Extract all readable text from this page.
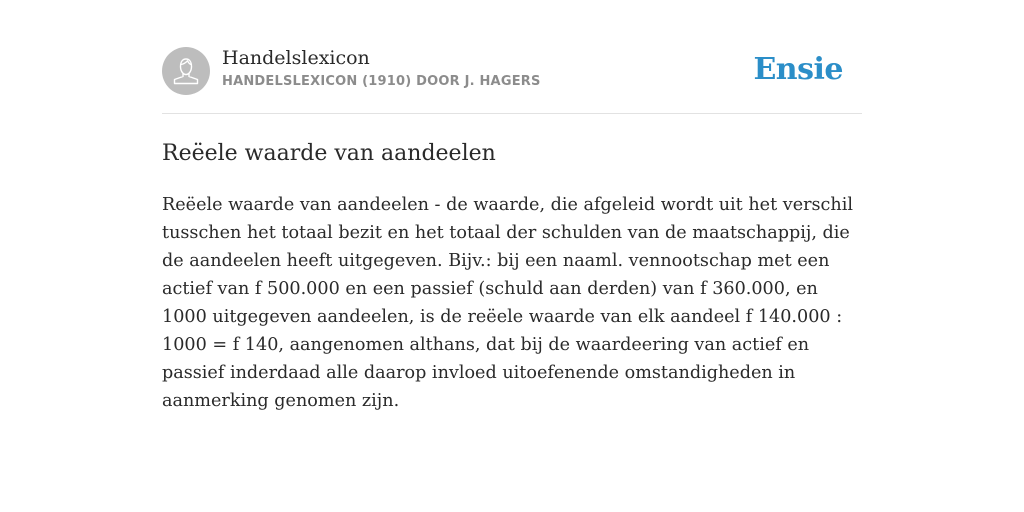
Handelslexicon
HANDELSLEXICON (1910) DOOR J. HAGERS	Ensie
Reëele waarde van aandeelen

Reëele waarde van aandeelen - de waarde, die afgeleid wordt uit het verschil tusschen het totaal bezit en het totaal der schulden van de maatschappij, die de aandeelen heeft uitgegeven. Bijv.: bij een naaml. vennootschap met een actief van f 500.000 en een passief (schuld aan derden) van f 360.000, en 1000 uitgegeven aandeelen, is de reëele waarde van elk aandeel f 140.000 : 1000 = f 140, aangenomen althans, dat bij de waardeering van actief en passief inderdaad alle daarop invloed uitoefenende omstandigheden in aanmerking genomen zijn.
